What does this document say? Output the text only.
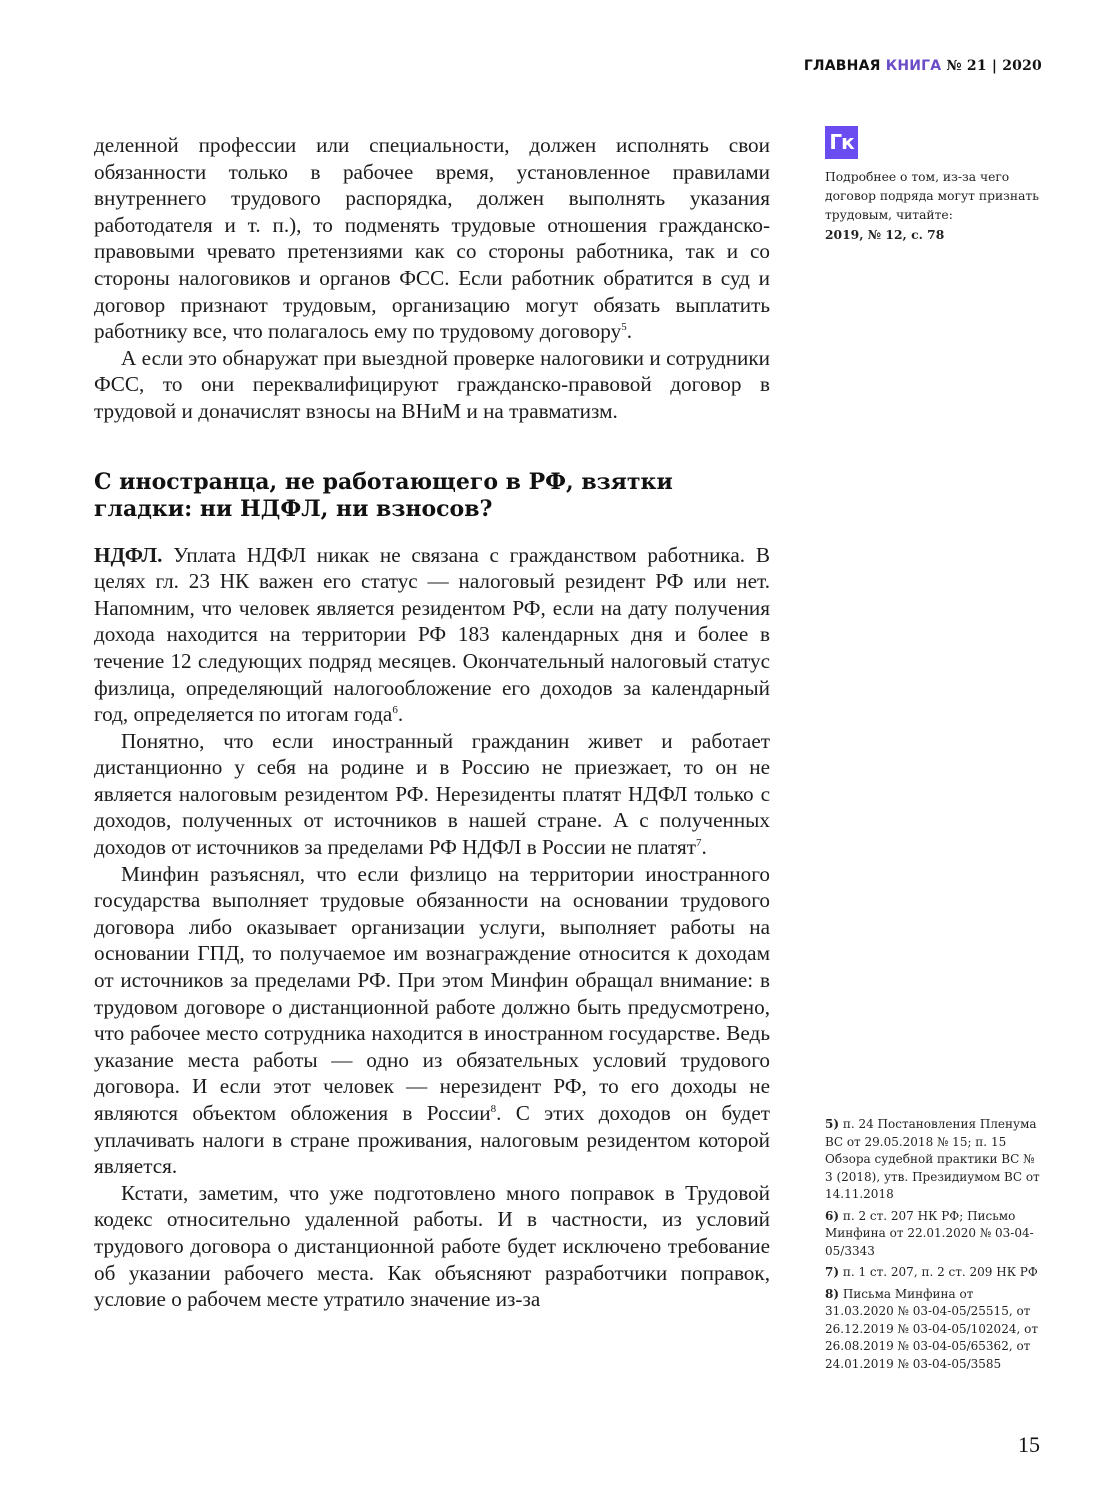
ГЛАВНАЯ КНИГА № 21 | 2020

деленной профессии или специальности, должен исполнять свои обязанности только в рабочее время, установленное правилами внутреннего трудового распорядка, должен выполнять указания работодателя и т. п.), то подменять трудовые отношения гражданско-правовыми чревато претензиями как со стороны работника, так и со стороны налоговиков и органов ФСС. Если работник обратится в суд и договор признают трудовым, организацию могут обязать выплатить работнику все, что полагалось ему по трудовому договору$^5$.

А если это обнаружат при выездной проверке налоговики и сотрудники ФСС, то они переквалифицируют гражданско-правовой договор в трудовой и доначислят взносы на ВНиМ и на травматизм.

С иностранца, не работающего в РФ, взятки гладки: ни НДФЛ, ни взносов?

НДФЛ. Уплата НДФЛ никак не связана с гражданством работника. В целях гл. 23 НК важен его статус — налоговый резидент РФ или нет. Напомним, что человек является резидентом РФ, если на дату получения дохода находится на территории РФ 183 календарных дня и более в течение 12 следующих подряд месяцев. Окончательный налоговый статус физлица, определяющий налогообложение его доходов за календарный год, определяется по итогам года$^6$.

Понятно, что если иностранный гражданин живет и работает дистанционно у себя на родине и в Россию не приезжает, то он не является налоговым резидентом РФ. Нерезиденты платят НДФЛ только с доходов, полученных от источников в нашей стране. А с полученных доходов от источников за пределами РФ НДФЛ в России не платят$^7$.

Минфин разъяснял, что если физлицо на территории иностранного государства выполняет трудовые обязанности на основании трудового договора либо оказывает организации услуги, выполняет работы на основании ГПД, то получаемое им вознаграждение относится к доходам от источников за пределами РФ. При этом Минфин обращал внимание: в трудовом договоре о дистанционной работе должно быть предусмотрено, что рабочее место сотрудника находится в иностранном государстве. Ведь указание места работы — одно из обязательных условий трудового договора. И если этот человек — нерезидент РФ, то его доходы не являются объектом обложения в России$^8$. С этих доходов он будет уплачивать налоги в стране проживания, налоговым резидентом которой является.

Кстати, заметим, что уже подготовлено много поправок в Трудовой кодекс относительно удаленной работы. И в частности, из условий трудового договора о дистанционной работе будет исключено требование об указании рабочего места. Как объясняют разработчики поправок, условие о рабочем месте утратило значение из-за

Гк
Подробнее о том, из-за чего договор подряда могут признать трудовым, читайте:
2019, № 12, с. 78
5) п. 24 Постановления Пленума ВС от 29.05.2018 № 15; п. 15 Обзора судебной практики ВС № 3 (2018), утв. Президиумом ВС от 14.11.2018
6) п. 2 ст. 207 НК РФ; Письмо Минфина от 22.01.2020 № 03-04-05/3343
7) п. 1 ст. 207, п. 2 ст. 209 НК РФ
8) Письма Минфина от 31.03.2020 № 03-04-05/25515, от 26.12.2019 № 03-04-05/102024, от 26.08.2019 № 03-04-05/65362, от 24.01.2019 № 03-04-05/3585
15
